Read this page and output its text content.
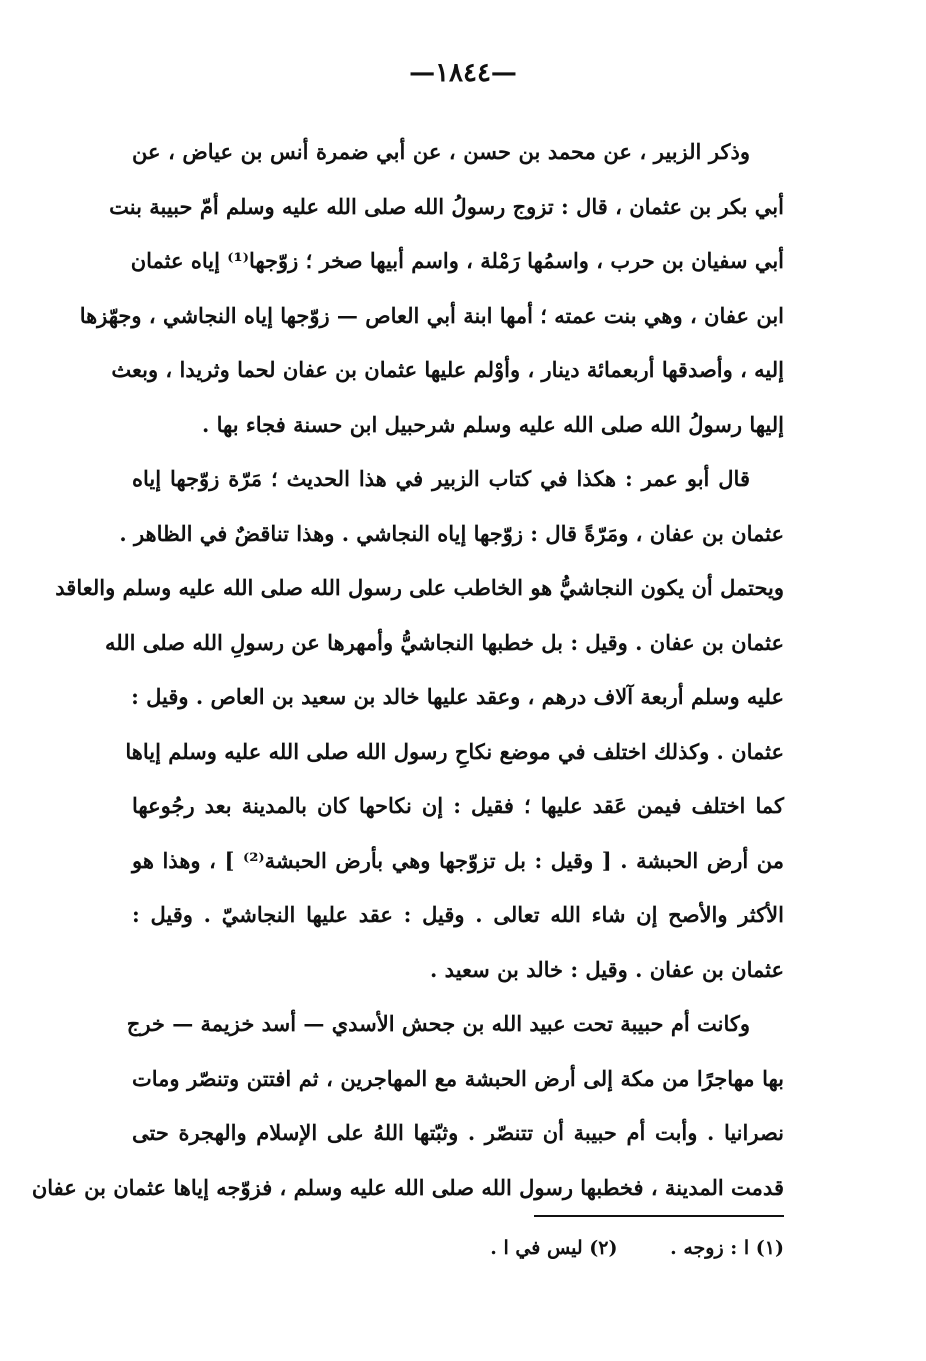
—١٨٤٤—
وذكر الزبير ، عن محمد بن حسن ، عن أبي ضمرة أنس بن عياض ، عن
أبي بكر بن عثمان ، قال : تزوج رسولُ الله صلى الله عليه وسلم أمّ حبيبة بنت
أبي سفيان بن حرب ، واسمُها رَمْلة ، واسم أبيها صخر ؛ زوّجها⁽¹⁾ إياه عثمان
ابن عفان ، وهي بنت عمته ؛ أمها ابنة أبي العاص — زوّجها إياه النجاشي ، وجهّزها
إليه ، وأصدقها أربعمائة دينار ، وأوْلم عليها عثمان بن عفان لحما وثريدا ، وبعث
إليها رسولُ الله صلى الله عليه وسلم شرحبيل ابن حسنة فجاء بها .
قال أبو عمر : هكذا في كتاب الزبير في هذا الحديث ؛ مَرّة زوّجها إياه
عثمان بن عفان ، ومَرّةً قال : زوّجها إياه النجاشي . وهذا تناقضٌ في الظاهر .
ويحتمل أن يكون النجاشيُّ هو الخاطب على رسول الله صلى الله عليه وسلم والعاقد
عثمان بن عفان . وقيل : بل خطبها النجاشيُّ وأمهرها عن رسولِ الله صلى الله
عليه وسلم أربعة آلاف درهم ، وعقد عليها خالد بن سعيد بن العاص . وقيل :
عثمان . وكذلك اختلف في موضع نكاحِ رسول الله صلى الله عليه وسلم إياها
كما اختلف فيمن عَقد عليها ؛ فقيل : إن نكاحها كان بالمدينة بعد رجُوعها
من أرض الحبشة . [ وقيل : بل تزوّجها وهي بأرض الحبشة⁽²⁾ ] ، وهذا هو
الأكثر والأصح إن شاء الله تعالى . وقيل : عقد عليها النجاشيّ . وقيل :
عثمان بن عفان . وقيل : خالد بن سعيد .
وكانت أم حبيبة تحت عبيد الله بن جحش الأسدي — أسد خزيمة — خرج
بها مهاجرًا من مكة إلى أرض الحبشة مع المهاجرين ، ثم افتتن وتنصّر ومات
نصرانيا . وأبت أم حبيبة أن تتنصّر . وثبّتها اللهُ على الإسلام والهجرة حتى
قدمت المدينة ، فخطبها رسول الله صلى الله عليه وسلم ، فزوّجه إياها عثمان بن عفان
(١) ا : زوجه . (٢) ليس في ا .
